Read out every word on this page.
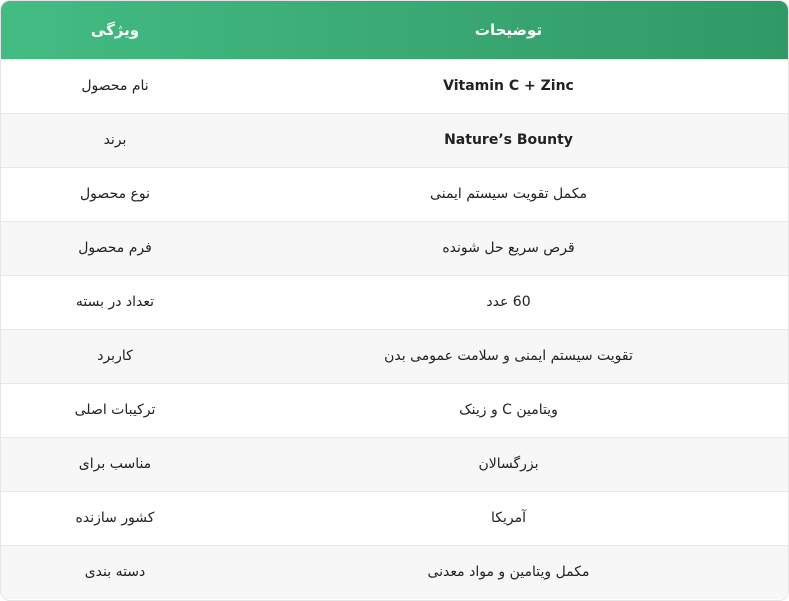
ویژگی	توضیحات
نام محصول	Vitamin C + Zinc
برند	Nature’s Bounty
نوع محصول	مکمل تقویت سیستم ایمنی
فرم محصول	قرص سریع حل شونده
تعداد در بسته	60 عدد
کاربرد	تقویت سیستم ایمنی و سلامت عمومی بدن
ترکیبات اصلی	ویتامین C و زینک
مناسب برای	بزرگسالان
کشور سازنده	آمریکا
دسته بندی	مکمل ویتامین و مواد معدنی
